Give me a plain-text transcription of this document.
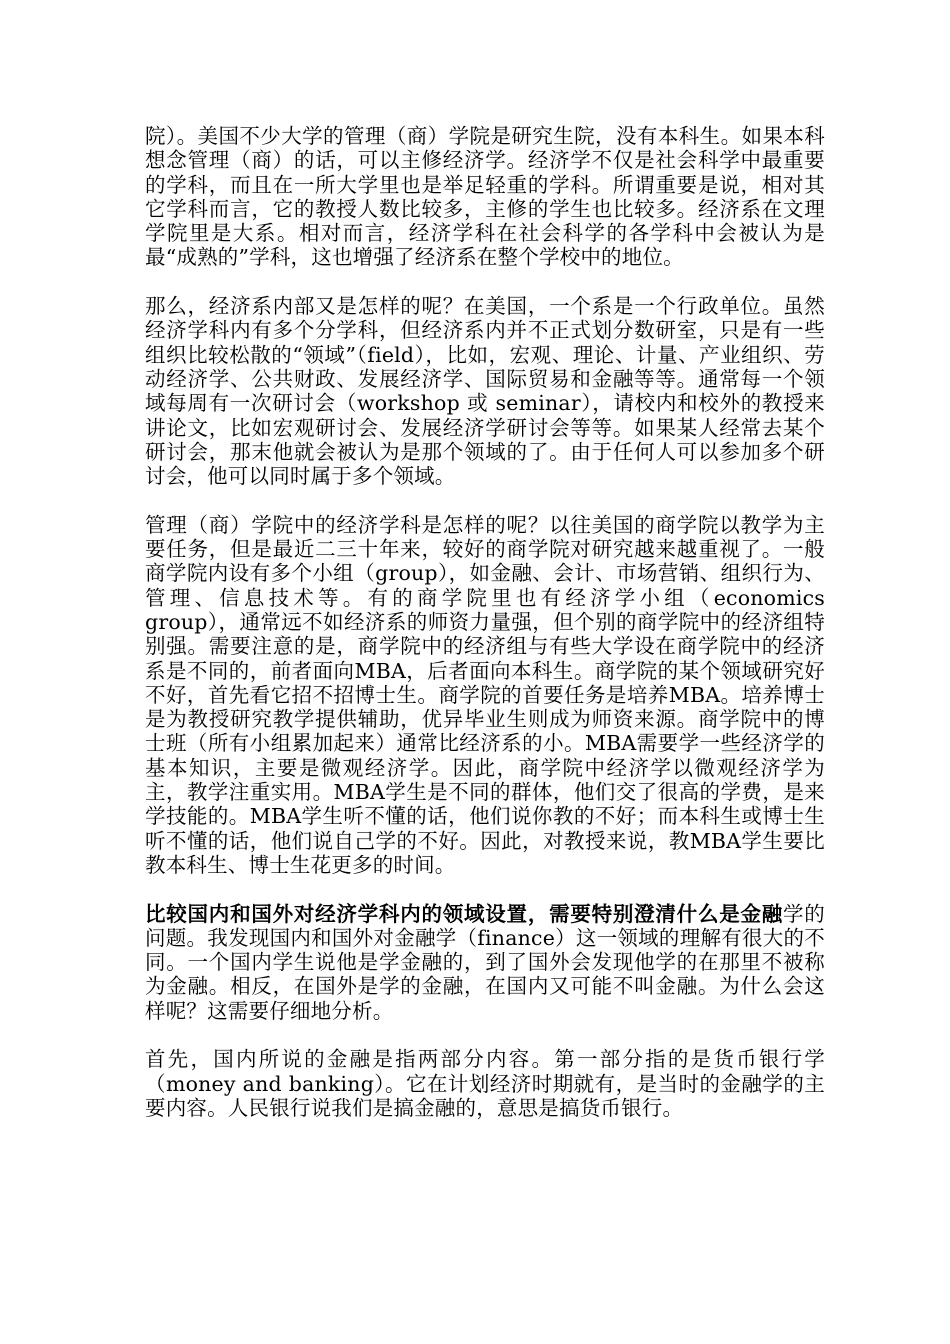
院）。美国不少大学的管理（商）学院是研究生院，没有本科生。如果本科想念管理（商）的话，可以主修经济学。经济学不仅是社会科学中最重要的学科，而且在一所大学里也是举足轻重的学科。所谓重要是说，相对其它学科而言，它的教授人数比较多，主修的学生也比较多。经济系在文理学院里是大系。相对而言，经济学科在社会科学的各学科中会被认为是最“成熟的”学科，这也增强了经济系在整个学校中的地位。

那么，经济系内部又是怎样的呢？在美国，一个系是一个行政单位。虽然经济学科内有多个分学科，但经济系内并不正式划分数研室，只是有一些组织比较松散的“领域”（field），比如，宏观、理论、计量、产业组织、劳动经济学、公共财政、发展经济学、国际贸易和金融等等。通常每一个领域每周有一次研讨会（workshop 或 seminar），请校内和校外的教授来讲论文，比如宏观研讨会、发展经济学研讨会等等。如果某人经常去某个研讨会，那末他就会被认为是那个领域的了。由于任何人可以参加多个研讨会，他可以同时属于多个领域。

管理（商）学院中的经济学科是怎样的呢？以往美国的商学院以教学为主要任务，但是最近二三十年来，较好的商学院对研究越来越重视了。一般商学院内设有多个小组（group），如金融、会计、市场营销、组织行为、管理、信息技术等。有的商学院里也有经济学小组（economics group），通常远不如经济系的师资力量强，但个别的商学院中的经济组特别强。需要注意的是，商学院中的经济组与有些大学设在商学院中的经济系是不同的，前者面向MBA，后者面向本科生。商学院的某个领域研究好不好，首先看它招不招博士生。商学院的首要任务是培养MBA。培养博士是为教授研究教学提供辅助，优异毕业生则成为师资来源。商学院中的博士班（所有小组累加起来）通常比经济系的小。MBA需要学一些经济学的基本知识，主要是微观经济学。因此，商学院中经济学以微观经济学为主，教学注重实用。MBA学生是不同的群体，他们交了很高的学费，是来学技能的。MBA学生听不懂的话，他们说你教的不好；而本科生或博士生听不懂的话，他们说自己学的不好。因此，对教授来说，教MBA学生要比教本科生、博士生花更多的时间。

比较国内和国外对经济学科内的领域设置，需要特别澄清什么是金融学的问题。我发现国内和国外对金融学（finance）这一领域的理解有很大的不同。一个国内学生说他是学金融的，到了国外会发现他学的在那里不被称为金融。相反，在国外是学的金融，在国内又可能不叫金融。为什么会这样呢？这需要仔细地分析。

首先，国内所说的金融是指两部分内容。第一部分指的是货币银行学（money and banking）。它在计划经济时期就有，是当时的金融学的主要内容。人民银行说我们是搞金融的，意思是搞货币银行。
